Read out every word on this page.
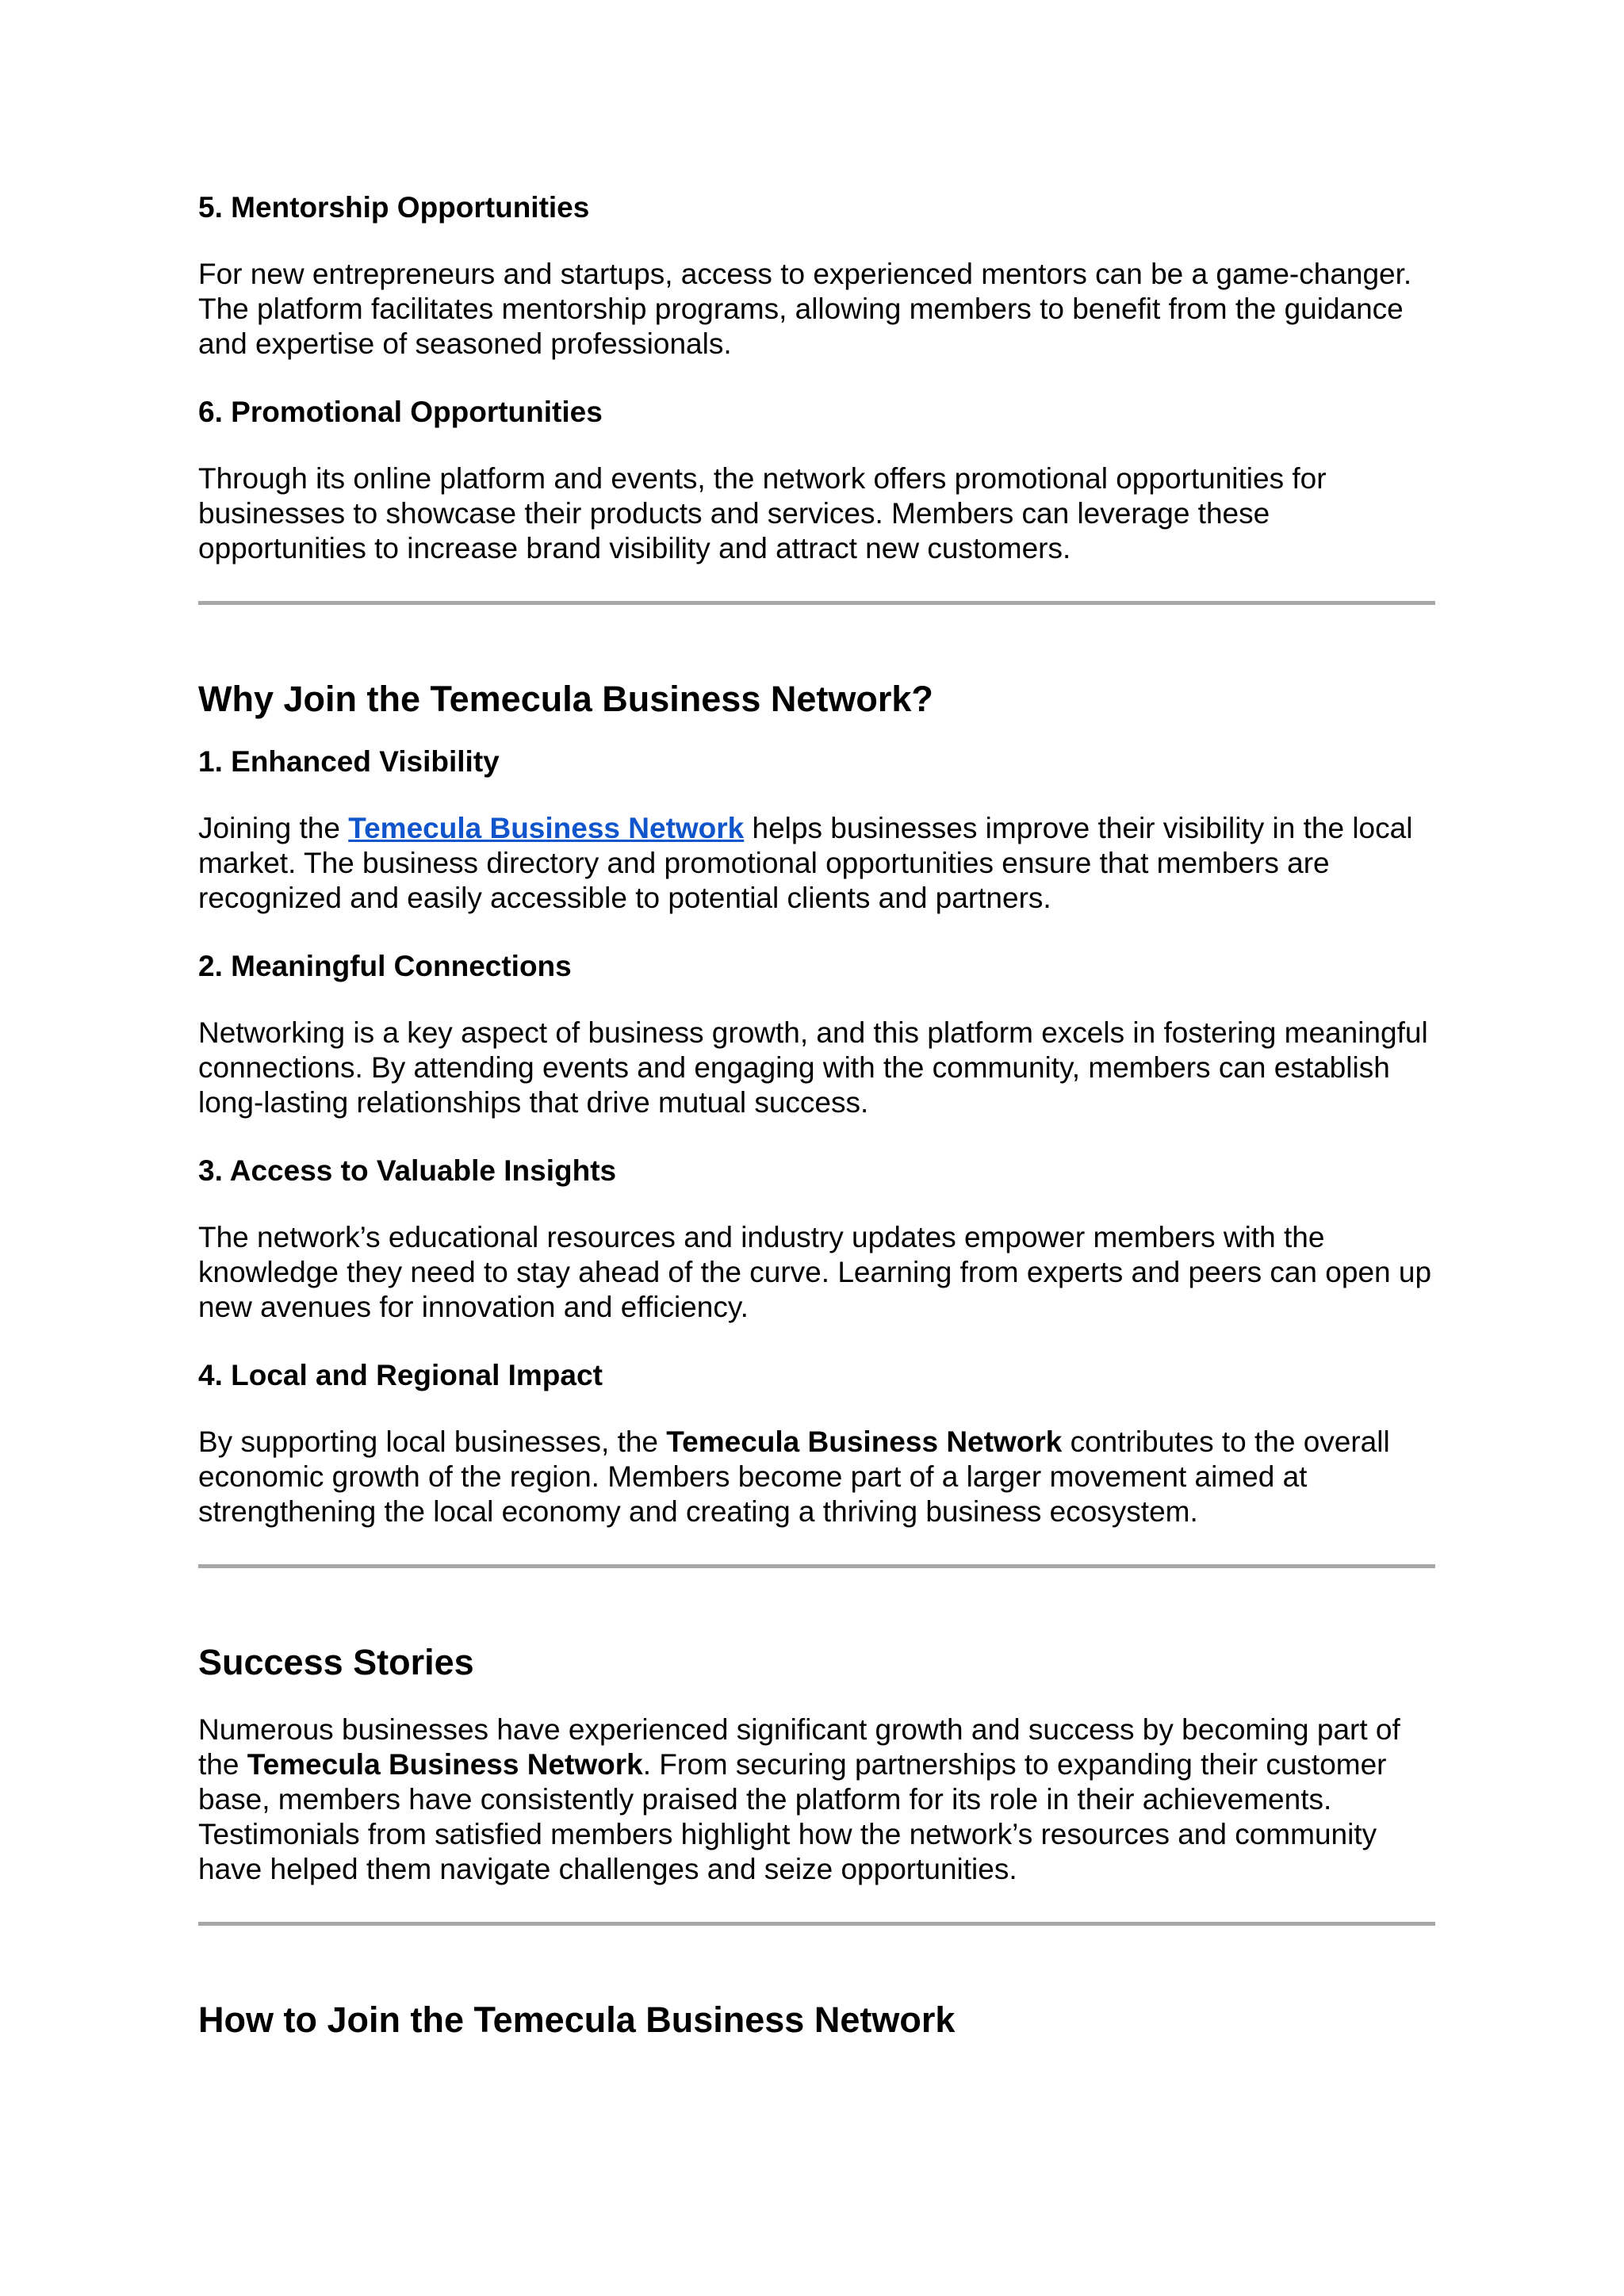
5. Mentorship Opportunities

For new entrepreneurs and startups, access to experienced mentors can be a game-changer. The platform facilitates mentorship programs, allowing members to benefit from the guidance and expertise of seasoned professionals.

6. Promotional Opportunities

Through its online platform and events, the network offers promotional opportunities for businesses to showcase their products and services. Members can leverage these opportunities to increase brand visibility and attract new customers.

Why Join the Temecula Business Network?

1. Enhanced Visibility

Joining the Temecula Business Network helps businesses improve their visibility in the local market. The business directory and promotional opportunities ensure that members are recognized and easily accessible to potential clients and partners.

2. Meaningful Connections

Networking is a key aspect of business growth, and this platform excels in fostering meaningful connections. By attending events and engaging with the community, members can establish long-lasting relationships that drive mutual success.

3. Access to Valuable Insights

The network’s educational resources and industry updates empower members with the knowledge they need to stay ahead of the curve. Learning from experts and peers can open up new avenues for innovation and efficiency.

4. Local and Regional Impact

By supporting local businesses, the Temecula Business Network contributes to the overall economic growth of the region. Members become part of a larger movement aimed at strengthening the local economy and creating a thriving business ecosystem.

Success Stories

Numerous businesses have experienced significant growth and success by becoming part of the Temecula Business Network. From securing partnerships to expanding their customer base, members have consistently praised the platform for its role in their achievements. Testimonials from satisfied members highlight how the network’s resources and community have helped them navigate challenges and seize opportunities.

How to Join the Temecula Business Network
